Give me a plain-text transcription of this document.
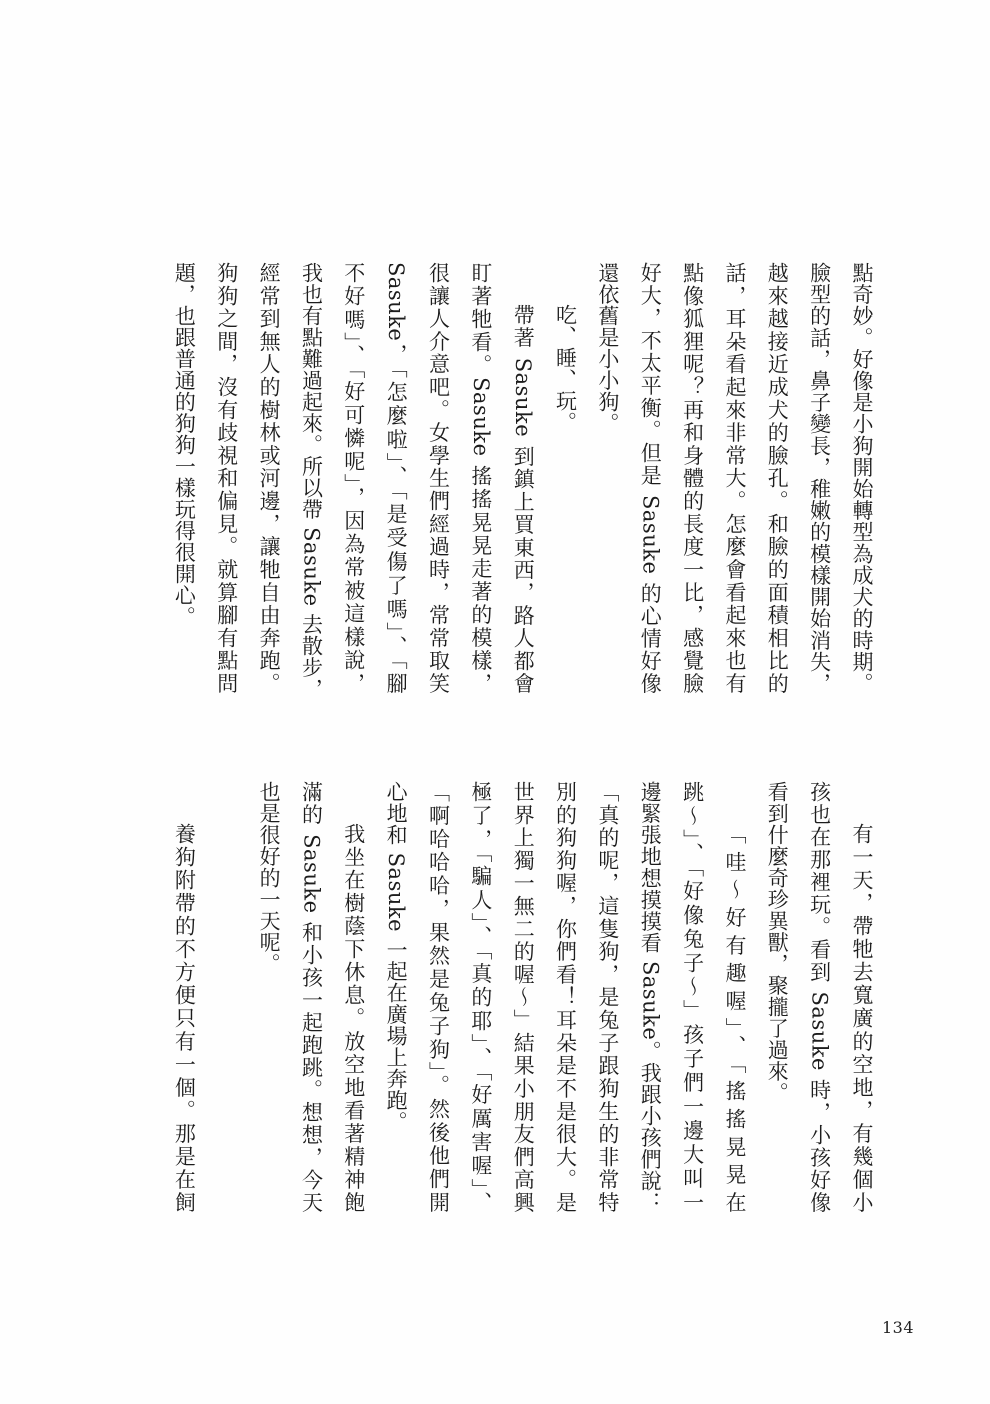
點奇妙。好像是小狗開始轉型為成犬的時期。
臉型的話，鼻子變長，稚嫩的模樣開始消失，
越來越接近成犬的臉孔。和臉的面積相比的
話，耳朵看起來非常大。怎麼會看起來也有
點像狐狸呢？再和身體的長度一比，感覺臉
好大，不太平衡。但是 Sasuke 的心情好像
還依舊是小小狗。
吃、睡、玩。
帶著 Sasuke 到鎮上買東西，路人都會
盯著牠看。Sasuke 搖搖晃晃走著的模樣，
很讓人介意吧。女學生們經過時，常常取笑
Sasuke，「怎麼啦」、「是受傷了嗎」、「腳
不好嗎」、「好可憐呢」，因為常被這樣說，
我也有點難過起來。所以帶 Sasuke 去散步，
經常到無人的樹林或河邊，讓牠自由奔跑。
狗狗之間，沒有歧視和偏見。就算腳有點問
題，也跟普通的狗狗一樣玩得很開心。
有一天，帶牠去寬廣的空地，有幾個小
孩也在那裡玩。看到 Sasuke 時，小孩好像
看到什麼奇珍異獸，聚攏了過來。
「哇～好有趣喔」、「搖搖晃晃在
跳～」、「好像兔子～」孩子們一邊大叫一
邊緊張地想摸摸看 Sasuke。我跟小孩們說：
「真的呢，這隻狗，是兔子跟狗生的非常特
別的狗狗喔，你們看！耳朵是不是很大。是
世界上獨一無二的喔～」結果小朋友們高興
極了，「騙人」、「真的耶」、「好厲害喔」、
「啊哈哈哈，果然是兔子狗」。然後他們開
心地和 Sasuke 一起在廣場上奔跑。
我坐在樹蔭下休息。放空地看著精神飽
滿的 Sasuke 和小孩一起跑跳。想想，今天
也是很好的一天呢。
養狗附帶的不方便只有一個。那是在飼
134
